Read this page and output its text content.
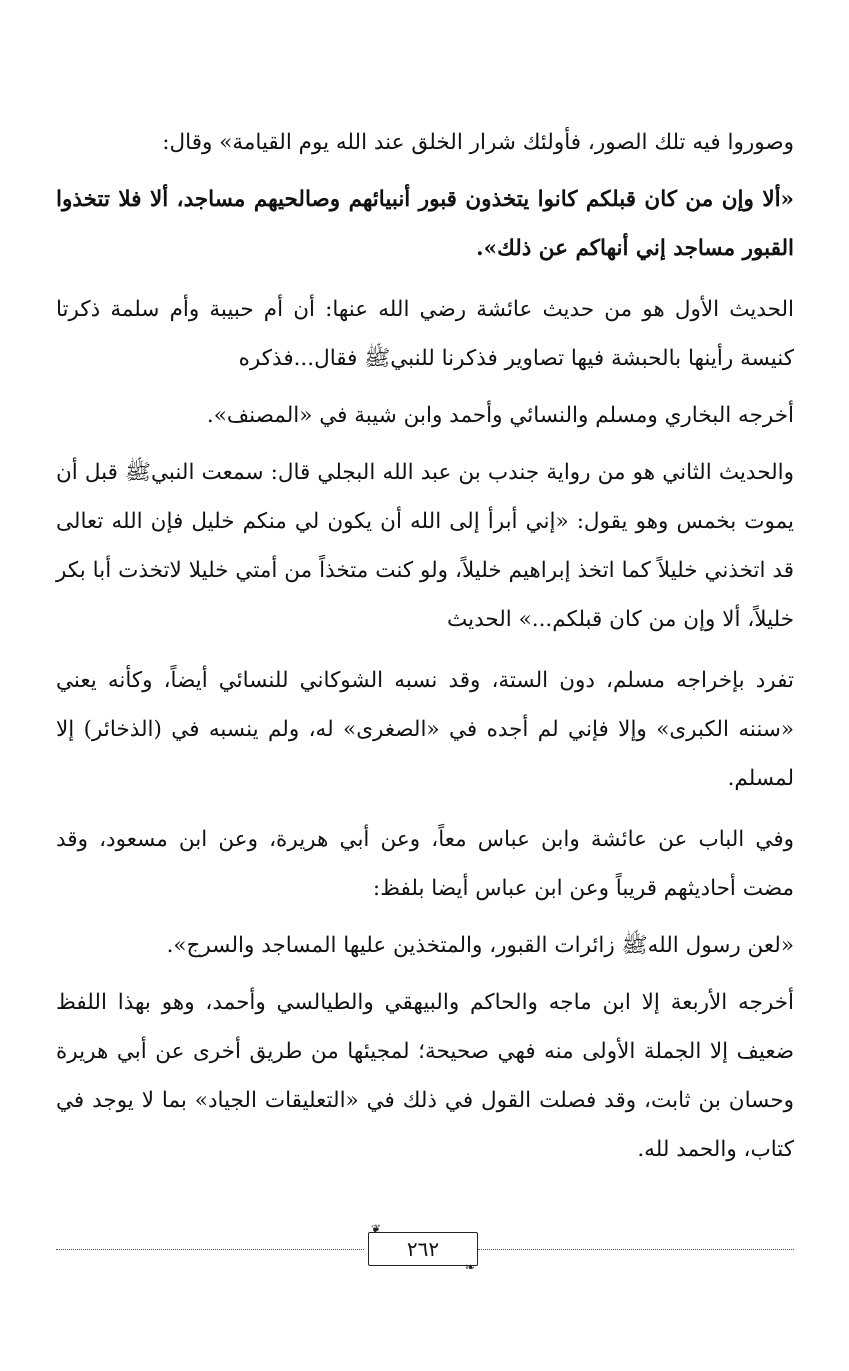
وصوروا فيه تلك الصور، فأولئك شرار الخلق عند الله يوم القيامة» وقال:

«ألا وإن من كان قبلكم كانوا يتخذون قبور أنبيائهم وصالحيهم مساجد، ألا فلا تتخذوا القبور مساجد إني أنهاكم عن ذلك».

الحديث الأول هو من حديث عائشة رضي الله عنها: أن أم حبيبة وأم سلمة ذكرتا كنيسة رأينها بالحبشة فيها تصاوير فذكرنا للنبيﷺ فقال...فذكره

أخرجه البخاري ومسلم والنسائي وأحمد وابن شيبة في «المصنف».

والحديث الثاني هو من رواية جندب بن عبد الله البجلي قال: سمعت النبيﷺ قبل أن يموت بخمس وهو يقول: «إني أبرأ إلى الله أن يكون لي منكم خليل فإن الله تعالى قد اتخذني خليلاً كما اتخذ إبراهيم خليلاً، ولو كنت متخذاً من أمتي خليلا لاتخذت أبا بكر خليلاً، ألا وإن من كان قبلكم...» الحديث

تفرد بإخراجه مسلم، دون الستة، وقد نسبه الشوكاني للنسائي أيضاً، وكأنه يعني «سننه الكبرى» وإلا فإني لم أجده في «الصغرى» له، ولم ينسبه في (الذخائر) إلا لمسلم.

وفي الباب عن عائشة وابن عباس معاً، وعن أبي هريرة، وعن ابن مسعود، وقد مضت أحاديثهم قريباً وعن ابن عباس أيضا بلفظ:

«لعن رسول اللهﷺ زائرات القبور، والمتخذين عليها المساجد والسرج».

أخرجه الأربعة إلا ابن ماجه والحاكم والبيهقي والطيالسي وأحمد، وهو بهذا اللفظ ضعيف إلا الجملة الأولى منه فهي صحيحة؛ لمجيئها من طريق أخرى عن أبي هريرة وحسان بن ثابت، وقد فصلت القول في ذلك في «التعليقات الجياد» بما لا يوجد في كتاب، والحمد لله.

❦
❧
٢٦٢
